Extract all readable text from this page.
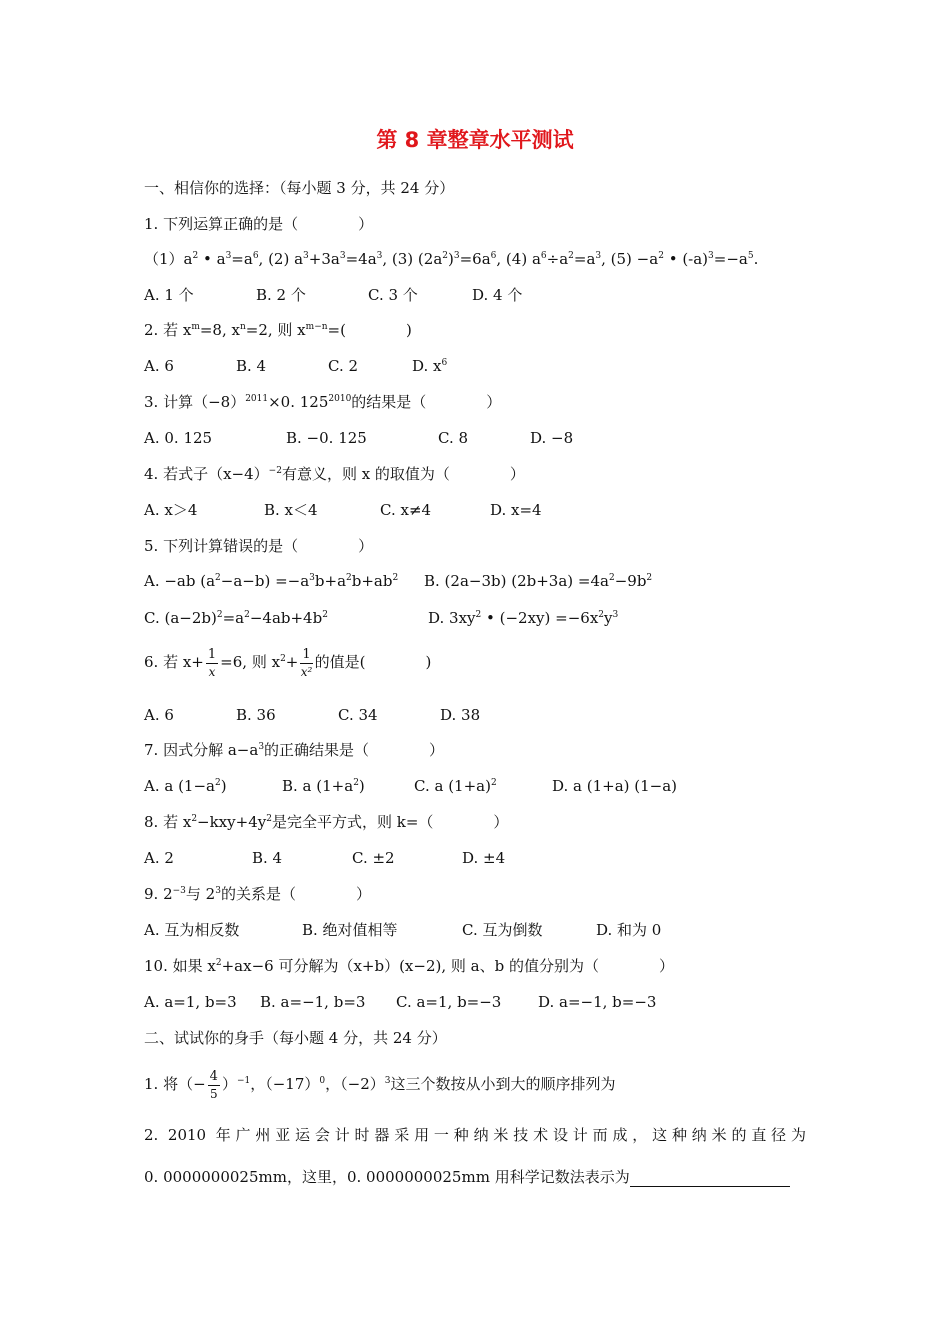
第 8 章整章水平测试
一、相信你的选择：（每小题 3 分，共 24 分）
1. 下列运算正确的是（　　　　）
$(1)a^2$ • $a^3=a^6$, (2) $a^3+3a^3=4a^3$, (3) $(2a^2)^3=6a^6$, (4) $a^6\div a^2=a^3$, $(5) -a^2$ • $(-a)^3=-a^5$.
A. 1 个	B. 2 个	C. 3 个	D. 4 个
2. 若 $x^m=8$, $x^n=2$, 则 $x^{m-n}=$(　　　　)
A. 6	B. 4	C. 2	D. $x^6$
3. 计算$(-8)^{2011}\times 0$. $125^{2010}$的结果是（　　　　）
A. 0. 125	B. −0. 125	C. 8	D. −8
4. 若式子$(x-4)^{-2}$有意义，则 x 的取值为（　　　　）
A. x＞4	B. x＜4	C. x≠4	D. x=4
5. 下列计算错误的是（　　　　）
A. −ab $(a^2-a-b) =-a^3b+a^2b+ab^2$ B. (2a−3b) $(2b+3a) =4a^2-9b^2$
C. $(a-2b)^2=a^2-4ab+4b^2$	D. $3xy^2$ • $(-2xy) =-6x^2y^3$
6. 若 $x+ \frac{1}{x} =6$, 则 $x^2+ \frac{1}{\text{x²}}$ 的值是(　　　　)
A. 6	B. 36	C. 34	D. 38
7. 因式分解 $a-a^3$的正确结果是（　　　　）
A. a $(1-a^2)$	B. a $(1+a^2)$	C. a $(1+a)^2$	D. a (1+a) (1−a)
8. 若 $x^2-kxy+4y^2$是完全平方式，则 k=（　　　　）
A. 2	B. 4	C. ±2	D. ±4
9. $2^{-3}$与 $2^3$的关系是（　　　　）
A. 互为相反数	B. 绝对值相等	C. 互为倒数	D. 和为 0
10. 如果 $x^2+ax-6$ 可分解为（x+b）(x−2), 则 a、b 的值分别为（　　　　）
A. a=1, b=3 B. a=−1, b=3 C. a=1, b=−3 D. a=−1, b=−3
二、试试你的身手（每小题 4 分，共 24 分）
1. 将（− $\frac{4}{5} )^{-1}$，$(-17)^0$，$(-2)^3$这三个数按从小到大的顺序排列为
2. 2010 年广州亚运会计时器采用一种纳米技术设计而成，这种纳米的直径为
0. 0000000025mm，这里，0. 0000000025mm 用科学记数法表示为
